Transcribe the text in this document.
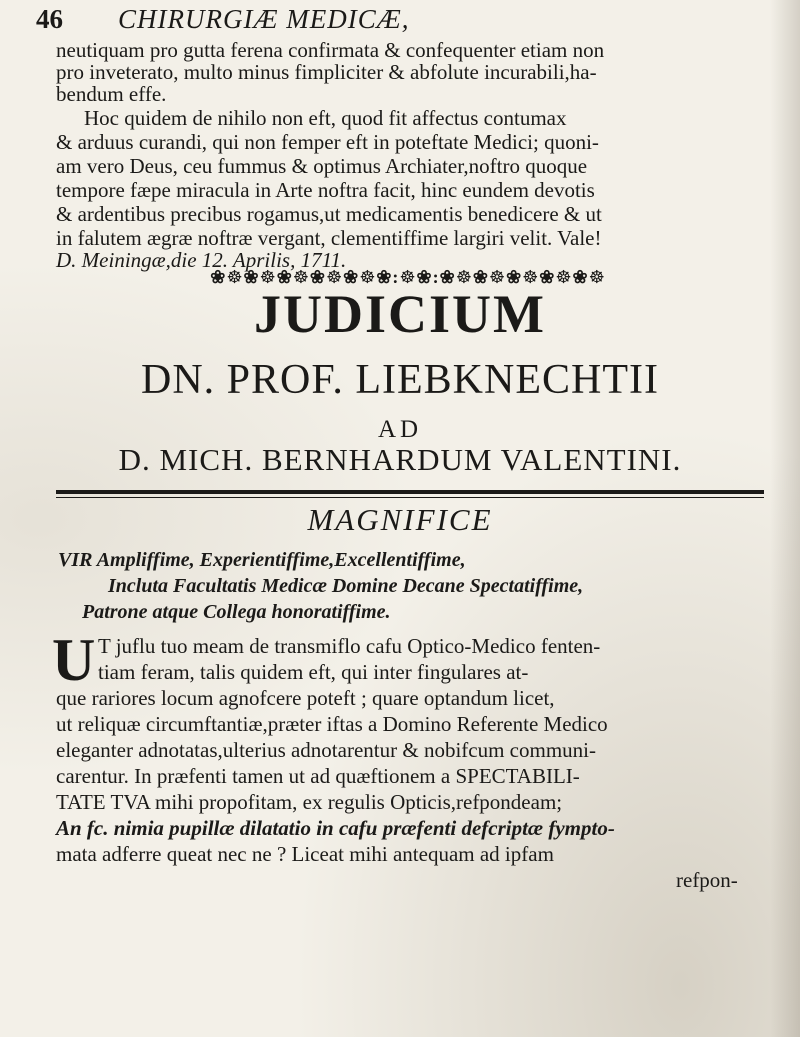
46 CHIRURGIÆ MEDICÆ,
neutiquam pro gutta ferena confirmata & confequenter etiam non
pro inveterato, multo minus fimpliciter & abfolute incurabili,ha-
bendum effe.
Hoc quidem de nihilo non eft, quod fit affectus contumax
& arduus curandi, qui non femper eft in poteftate Medici; quoni-
am vero Deus, ceu fummus & optimus Archiater,noftro quoque
tempore fæpe miracula in Arte noftra facit, hinc eundem devotis
& ardentibus precibus rogamus,ut medicamentis benedicere & ut
in falutem ægræ noftræ vergant, clementiffime largiri velit. Vale!
❀☸❀☸❀☸❀☸❀☸❀:☸❀:❀☸❀☸❀☸❀☸❀☸
JUDICIUM
DN. PROF. LIEBKNECHTII
AD
D. MICH. BERNHARDUM VALENTINI.
MAGNIFICE
VIR Ampliffime, Experientiffime,Excellentiffime,
Incluta Facultatis Medicæ Domine Decane Spectatiffime,
Patrone atque Collega honoratiffime.
U T juflu tuo meam de transmiflo cafu Optico-Medico fenten-
tiam feram, talis quidem eft, qui inter fingulares at-
que rariores locum agnofcere poteft ; quare optandum licet,
ut reliquæ circumftantiæ,præter iftas a Domino Referente Medico
eleganter adnotatas,ulterius adnotarentur & nobifcum communi-
carentur. In præfenti tamen ut ad quæftionem a SPECTABILI-
TATE TVA mihi propofitam, ex regulis Opticis,refpondeam;
An fc. nimia pupillæ dilatatio in cafu præfenti defcriptæ fympto-
mata adferre queat nec ne ? Liceat mihi antequam ad ipfam
refpon-
D. Meiningæ,die 12. Aprilis, 1711.
